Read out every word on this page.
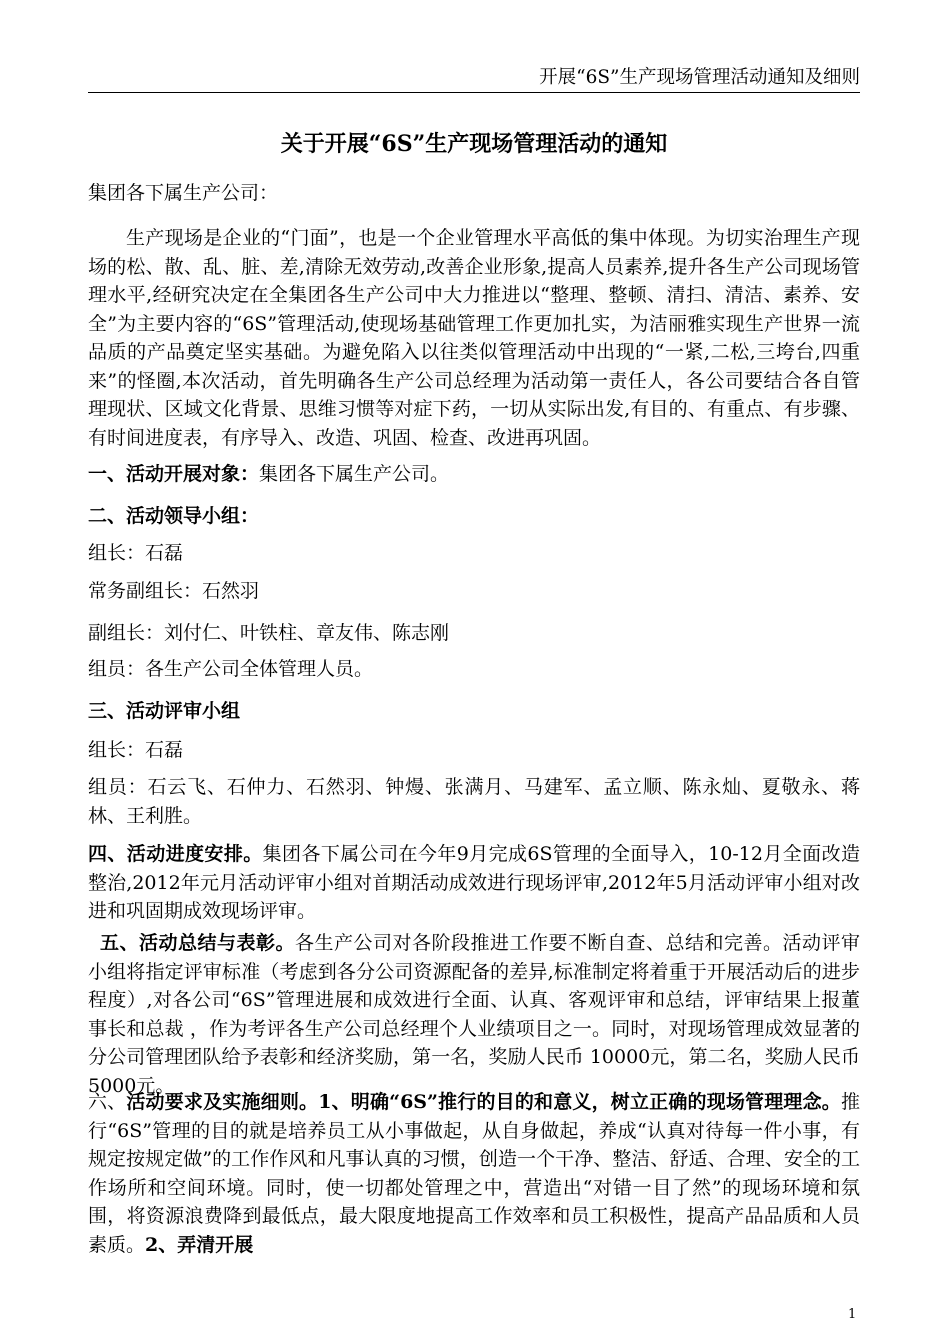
开展“6S”生产现场管理活动通知及细则
关于开展“6S”生产现场管理活动的通知
集团各下属生产公司：
生产现场是企业的“门面”，也是一个企业管理水平高低的集中体现。为切实治理生产现场的松、散、乱、脏、差,清除无效劳动,改善企业形象,提高人员素养,提升各生产公司现场管理水平,经研究决定在全集团各生产公司中大力推进以“整理、整顿、清扫、清洁、素养、安全”为主要内容的“6S”管理活动,使现场基础管理工作更加扎实，为洁丽雅实现生产世界一流品质的产品奠定坚实基础。为避免陷入以往类似管理活动中出现的“一紧,二松,三垮台,四重来”的怪圈,本次活动，首先明确各生产公司总经理为活动第一责任人，各公司要结合各自管理现状、区域文化背景、思维习惯等对症下药，一切从实际出发,有目的、有重点、有步骤、有时间进度表，有序导入、改造、巩固、检查、改进再巩固。
一、活动开展对象：集团各下属生产公司。
二、活动领导小组：
组长：石磊
常务副组长：石然羽
副组长：刘付仁、叶铁柱、章友伟、陈志刚
组员：各生产公司全体管理人员。
三、活动评审小组
组长：石磊
组员：石云飞、石仲力、石然羽、钟熳、张满月、马建军、孟立顺、陈永灿、夏敬永、蒋林、王利胜。
四、活动进度安排。集团各下属公司在今年9月完成6S管理的全面导入，10-12月全面改造整治,2012年元月活动评审小组对首期活动成效进行现场评审,2012年5月活动评审小组对改进和巩固期成效现场评审。
五、活动总结与表彰。各生产公司对各阶段推进工作要不断自查、总结和完善。活动评审小组将指定评审标准（考虑到各分公司资源配备的差异,标准制定将着重于开展活动后的进步程度）,对各公司“6S”管理进展和成效进行全面、认真、客观评审和总结，评审结果上报董事长和总裁 ，作为考评各生产公司总经理个人业绩项目之一。同时，对现场管理成效显著的分公司管理团队给予表彰和经济奖励，第一名，奖励人民币 10000元，第二名，奖励人民币 5000元。
六、活动要求及实施细则。1、明确“6S”推行的目的和意义，树立正确的现场管理理念。推行“6S”管理的目的就是培养员工从小事做起，从自身做起，养成“认真对待每一件小事，有规定按规定做”的工作作风和凡事认真的习惯，创造一个干净、整洁、舒适、合理、安全的工作场所和空间环境。同时，使一切都处管理之中，营造出“对错一目了然”的现场环境和氛围，将资源浪费降到最低点，最大限度地提高工作效率和员工积极性，提高产品品质和人员素质。2、弄清开展
1
